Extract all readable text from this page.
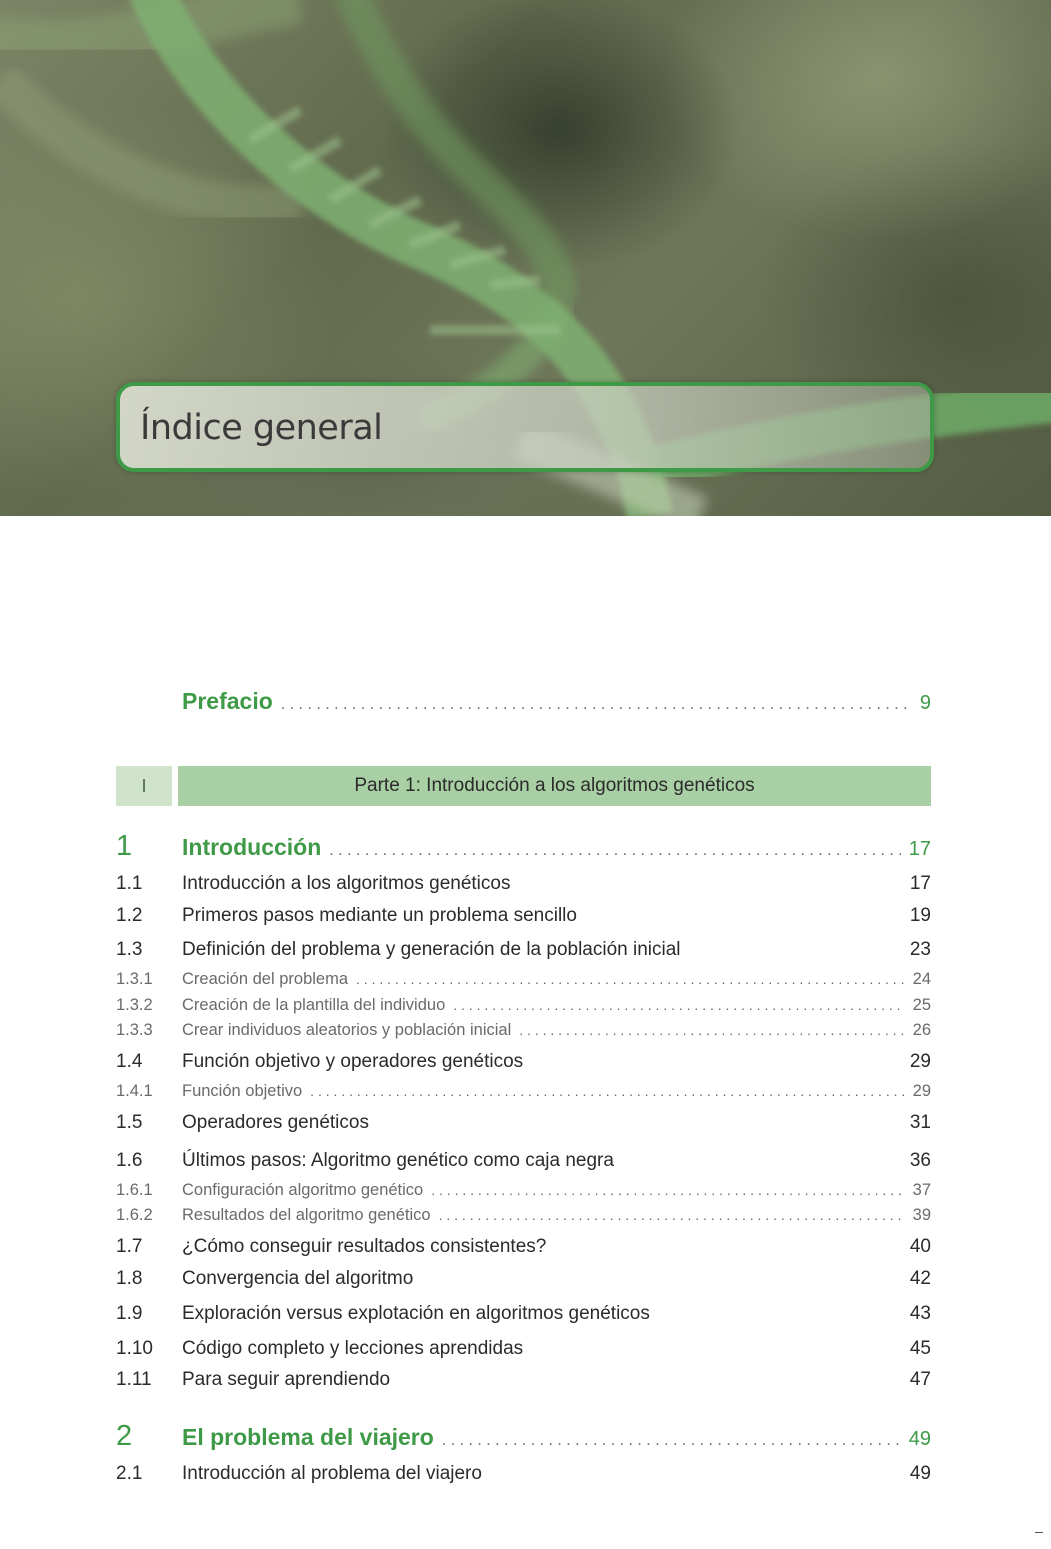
Índice general
Prefacio . . .	9
I	Parte 1: Introducción a los algoritmos genéticos
1	Introducción . . .	17
1.1	Introducción a los algoritmos genéticos	17
1.2	Primeros pasos mediante un problema sencillo	19
1.3	Definición del problema y generación de la población inicial	23
1.3.1	Creación del problema . . .	24
1.3.2	Creación de la plantilla del individuo . . .	25
1.3.3	Crear individuos aleatorios y población inicial . . .	26
1.4	Función objetivo y operadores genéticos	29
1.4.1	Función objetivo . . .	29
1.5	Operadores genéticos	31
1.6	Últimos pasos: Algoritmo genético como caja negra	36
1.6.1	Configuración algoritmo genético . . .	37
1.6.2	Resultados del algoritmo genético . . .	39
1.7	¿Cómo conseguir resultados consistentes?	40
1.8	Convergencia del algoritmo	42
1.9	Exploración versus explotación en algoritmos genéticos	43
1.10	Código completo y lecciones aprendidas	45
1.11	Para seguir aprendiendo	47
2	El problema del viajero . . .	49
2.1	Introducción al problema del viajero	49
